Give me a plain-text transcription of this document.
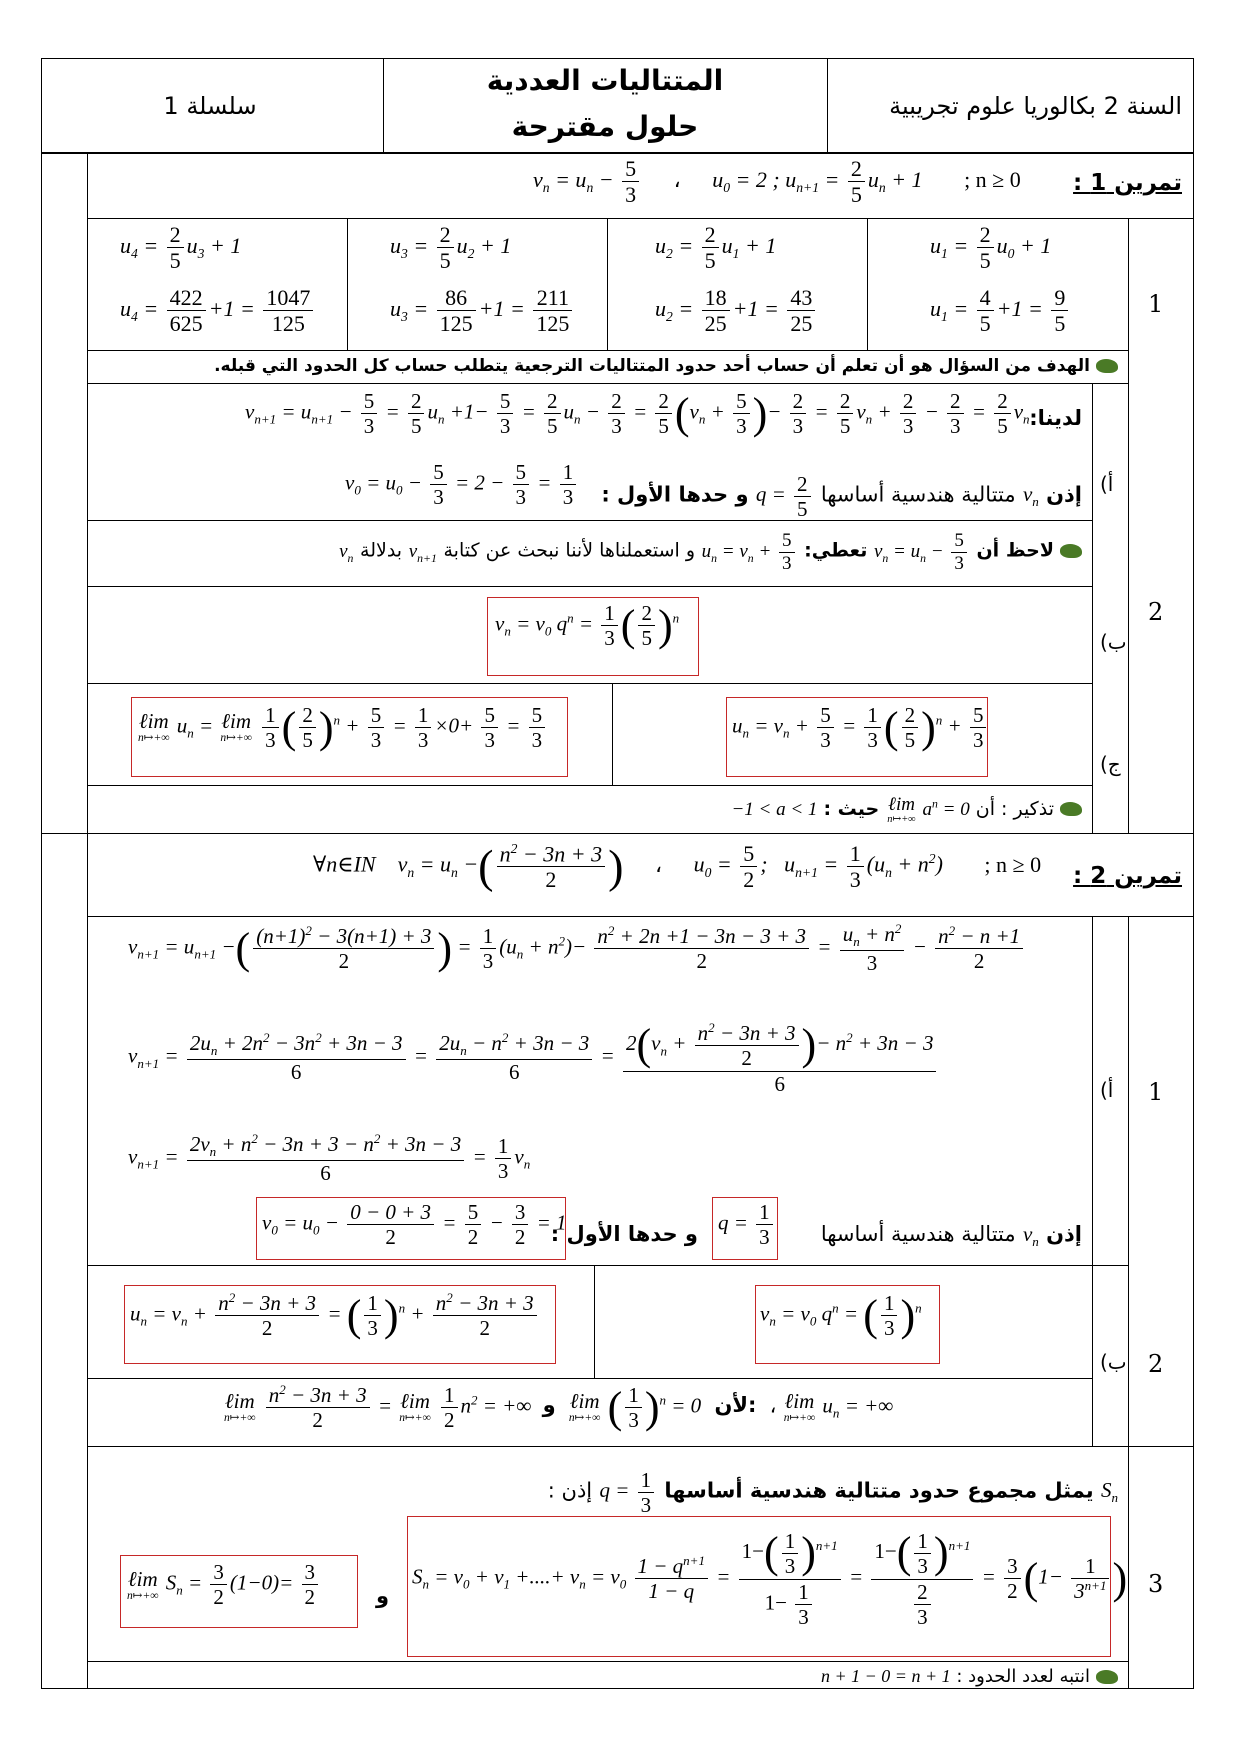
السنة 2 بكالوريا علوم تجريبية
المتتاليات العددية
حلول مقترحة
سلسلة 1
تمرين 1 :
$v_n = u_n - \frac{5}{3}$ ، $u_0 = 2$ ; $u_{n+1} = \frac{2}{5} u_n + 1$ ; n ≥ 0
1
$u_1 = \frac{2}{5} u_0 + 1$
$u_1 = \frac{4}{5} +1 = \frac{9}{5}$
$u_2 = \frac{2}{5} u_1 + 1$
$u_2 = \frac{18}{25} +1 = \frac{43}{25}$
$u_3 = \frac{2}{5} u_2 + 1$
$u_3 = \frac{86}{125} +1 = \frac{211}{125}$
$u_4 = \frac{2}{5} u_3 + 1$
$u_4 = \frac{422}{625} +1 = \frac{1047}{125}$
الهدف من السؤال هو أن تعلم أن حساب أحد حدود المتتاليات الترجعية يتطلب حساب كل الحدود التي قبله.
2
أ)
لدينا:
$v_{n+1} = u_{n+1} - \frac{5}{3} = \frac{2}{5} u_n +1- \frac{5}{3} = \frac{2}{5} u_n - \frac{2}{3} = \frac{2}{5} (v_n + \frac{5}{3}$ )− $\frac{2}{3} = \frac{2}{5} v_n + \frac{2}{3} - \frac{2}{3} = \frac{2}{5} v_n$
إذن $v_n$ متتالية هندسية أساسها $q = \frac{2}{5}$
و حدها الأول :
$v_0 = u_0 - \frac{5}{3} = 2 - \frac{5}{3} = \frac{1}{3}$
لاحظ أن $v_n = u_n - \frac{5}{3}$
تعطي: $u_n = v_n + \frac{5}{3}$
و استعملناها لأننا نبحث عن كتابة $v_{n+1}$ بدلالة $v_n$
ب)
$v_n = v_0$ $q^n = \frac{1}{3}$ ( $\frac{2}{5} )^n$
ج)
$u_n = v_n + \frac{5}{3} = \frac{1}{3}$ ( $\frac{2}{5} )^n + \frac{5}{3}$
ℓim
n↦+∞
$u_n$ = ℓim
n↦+∞
$\frac{1}{3}$ ( $\frac{2}{5} )^n + \frac{5}{3} = \frac{1}{3} \times 0+ \frac{5}{3} = \frac{5}{3}$
تذكير : أن
ℓim
n↦+∞ $a^n = 0$ حيث : −1 < a < 1
تمرين 2 :
∀n∈IN    $v_n = u_n$ −( $\frac{n^2 - 3n + 3}{2}$ ) ، $u_0 = \frac{5}{2}$ ;   $u_{n+1} = \frac{1}{3} (u_n + n^2)$ ; n ≥ 0
1
أ)
$v_{n+1} = u_{n+1}$ −( $\frac{(n+1)^2 - 3(n+1) + 3}{2}$ ) = $\frac{1}{3} (u_n + n^2)- \frac{n^2 + 2n +1 - 3n - 3 + 3}{2} = \frac{u_n + n^2}{3} - \frac{n^2 - n +1}{2}$
$v_{n+1} = \frac{2u_n + 2n^2 - 3n^2 + 3n - 3}{6} = \frac{2u_n - n^2 + 3n - 3}{6} = \frac{2(v_n + \frac{n^2 - 3n + 3}{2} )- n^2 + 3n - 3}{6}$
$v_{n+1} = \frac{2v_n + n^2 - 3n + 3 - n^2 + 3n - 3}{6} = \frac{1}{3} v_n$
إذن $v_n$ متتالية هندسية أساسها
$q = \frac{1}{3}$
و حدها الأول :
$v_0 = u_0 - \frac{0 - 0 + 3}{2} = \frac{5}{2} - \frac{3}{2} = 1$
2
ب)
$v_n = v_0$ $q^n$ = ( $\frac{1}{3} )^n$
$u_n = v_n + \frac{n^2 - 3n + 3}{2}$ = ( $\frac{1}{3} )^n + \frac{n^2 - 3n + 3}{2}$
ℓim
n↦+∞
$\frac{n^2 - 3n + 3}{2}$ = ℓim
n↦+∞
$\frac{1}{2} n^2$ = +∞ و ℓim
n↦+∞ ( $\frac{1}{3} )^n = 0$ لأن: ، ℓim
n↦+∞
$u_n$ = +∞
3
$S_n$ يمثل مجموع حدود متتالية هندسية أساسها $q = \frac{1}{3}$
إذن :
$S_n = v_0 + v_1$ +....+ $v_n = v_0 \frac{1 - q^{n+1}}{1 - q} = \frac{1-( \frac{1}{3} )^{n+1}}{1- \frac{1}{3}} = \frac{1-( \frac{1}{3} )^{n+1}}{\frac{2}{3}} = \frac{3}{2} (1- \frac{1}{3^{n+1}}$ )
و
ℓim
n↦+∞
$S_n = \frac{3}{2} (1-0)= \frac{3}{2}$
انتبه لعدد الحدود : n + 1 − 0 = n + 1
